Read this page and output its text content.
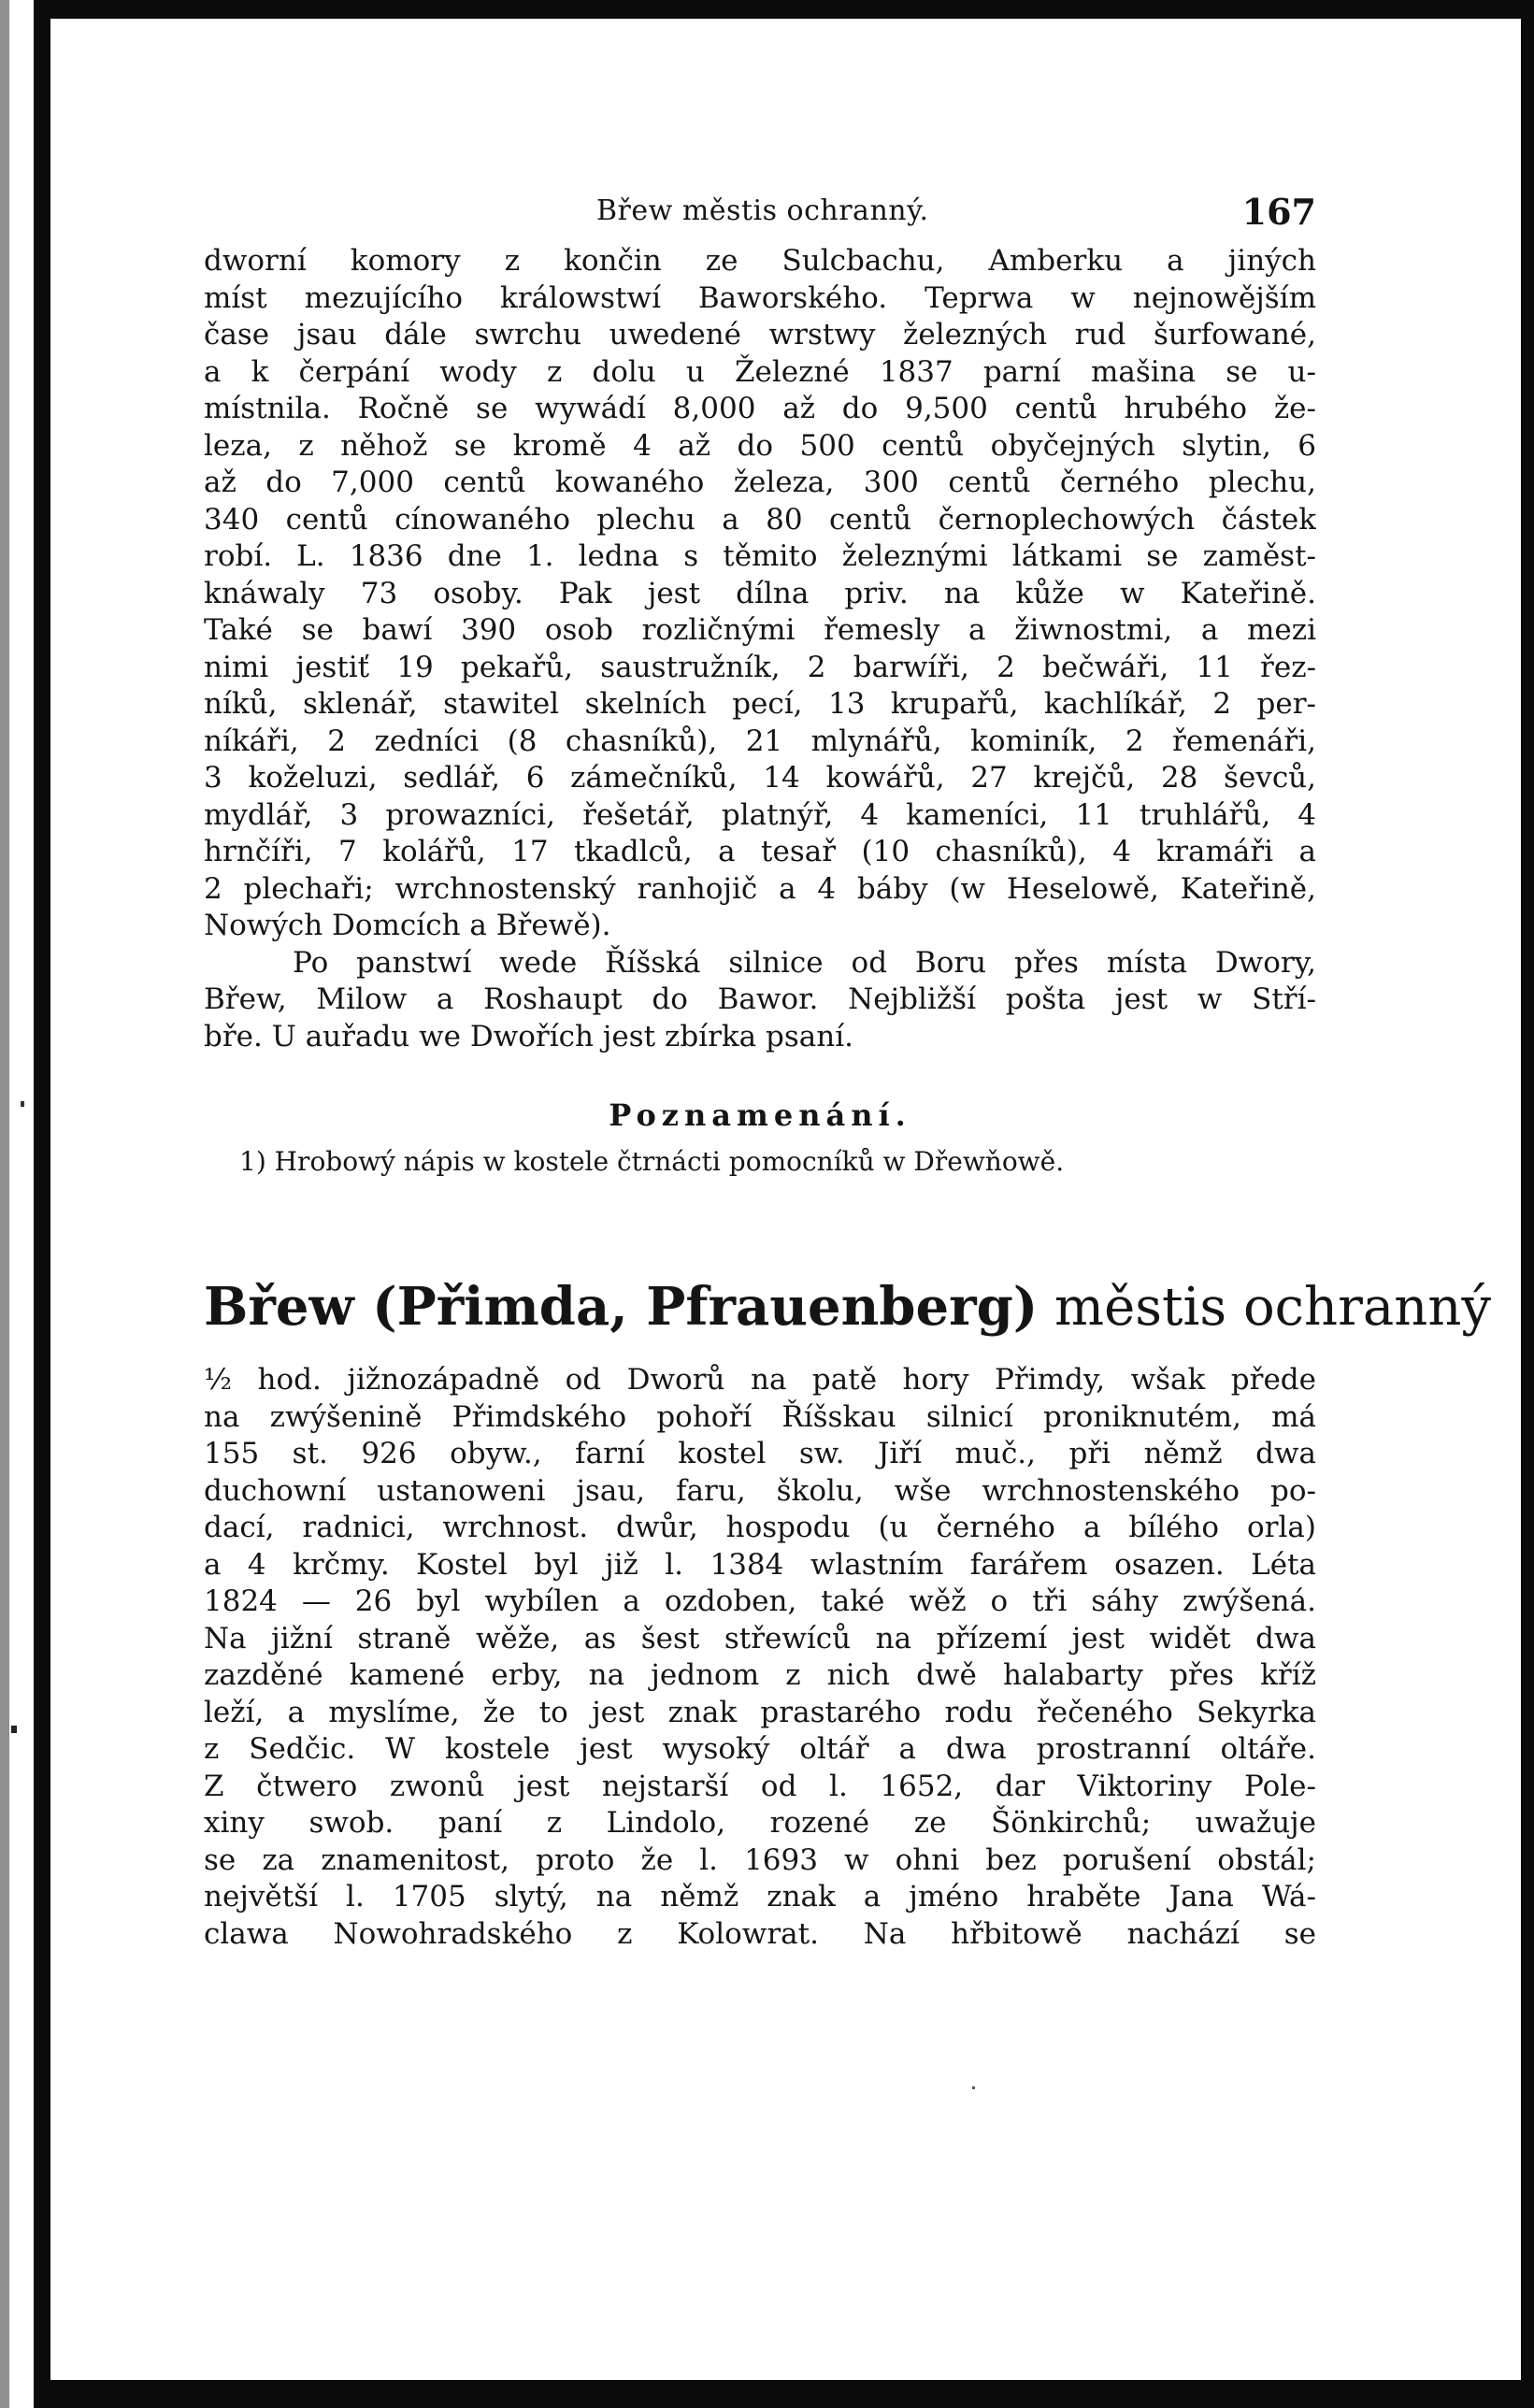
Břew městis ochranný.	167
dworní komory z končin ze Sulcbachu, Amberku a jiných
míst mezujícího králowstwí Baworského. Teprwa w nejnowějším
čase jsau dále swrchu uwedené wrstwy železných rud šurfowané,
a k čerpání wody z dolu u Železné 1837 parní mašina se u-
místnila. Ročně se wywádí 8,000 až do 9,500 centů hrubého že-
leza, z něhož se kromě 4 až do 500 centů obyčejných slytin, 6
až do 7,000 centů kowaného železa, 300 centů černého plechu,
340 centů cínowaného plechu a 80 centů černoplechowých částek
robí. L. 1836 dne 1. ledna s těmito železnými látkami se zaměst-
knáwaly 73 osoby. Pak jest dílna priv. na kůže w Kateřině.
Také se bawí 390 osob rozličnými řemesly a žiwnostmi, a mezi
nimi jestiť 19 pekařů, saustružník, 2 barwíři, 2 bečwáři, 11 řez-
níků, sklenář, stawitel skelních pecí, 13 krupařů, kachlíkář, 2 per-
níkáři, 2 zedníci (8 chasníků), 21 mlynářů, kominík, 2 řemenáři,
3 koželuzi, sedlář, 6 zámečníků, 14 kowářů, 27 krejčů, 28 ševců,
mydlář, 3 prowazníci, řešetář, platnýř, 4 kameníci, 11 truhlářů, 4
hrnčíři, 7 kolářů, 17 tkadlců, a tesař (10 chasníků), 4 kramáři a
2 plechaři; wrchnostenský ranhojič a 4 báby (w Heselowě, Kateřině,
Nowých Domcích a Břewě).
Po panstwí wede Říšská silnice od Boru přes místa Dwory,
Břew, Milow a Roshaupt do Bawor. Nejbližší pošta jest w Stří-
bře. U auřadu we Dwořích jest zbírka psaní.
Poznamenání.
1) Hrobowý nápis w kostele čtrnácti pomocníků w Dřewňowě.
Břew (Přimda, Pfrauenberg) městis ochranný
½ hod. jižnozápadně od Dworů na patě hory Přimdy, wšak přede
na zwýšenině Přimdského pohoří Říšskau silnicí proniknutém, má
155 st. 926 obyw., farní kostel sw. Jiří muč., při němž dwa
duchowní ustanoweni jsau, faru, školu, wše wrchnostenského po-
dací, radnici, wrchnost. dwůr, hospodu (u černého a bílého orla)
a 4 krčmy. Kostel byl již l. 1384 wlastním farářem osazen. Léta
1824 — 26 byl wybílen a ozdoben, také wěž o tři sáhy zwýšená.
Na jižní straně wěže, as šest střewíců na přízemí jest widět dwa
zazděné kamené erby, na jednom z nich dwě halabarty přes kříž
leží, a myslíme, že to jest znak prastarého rodu řečeného Sekyrka
z Sedčic. W kostele jest wysoký oltář a dwa prostranní oltáře.
Z čtwero zwonů jest nejstarší od l. 1652, dar Viktoriny Pole-
xiny swob. paní z Lindolo, rozené ze Šönkirchů; uwažuje
se za znamenitost, proto že l. 1693 w ohni bez porušení obstál;
největší l. 1705 slytý, na němž znak a jméno hraběte Jana Wá-
clawa Nowohradského z Kolowrat. Na hřbitowě nachází se
